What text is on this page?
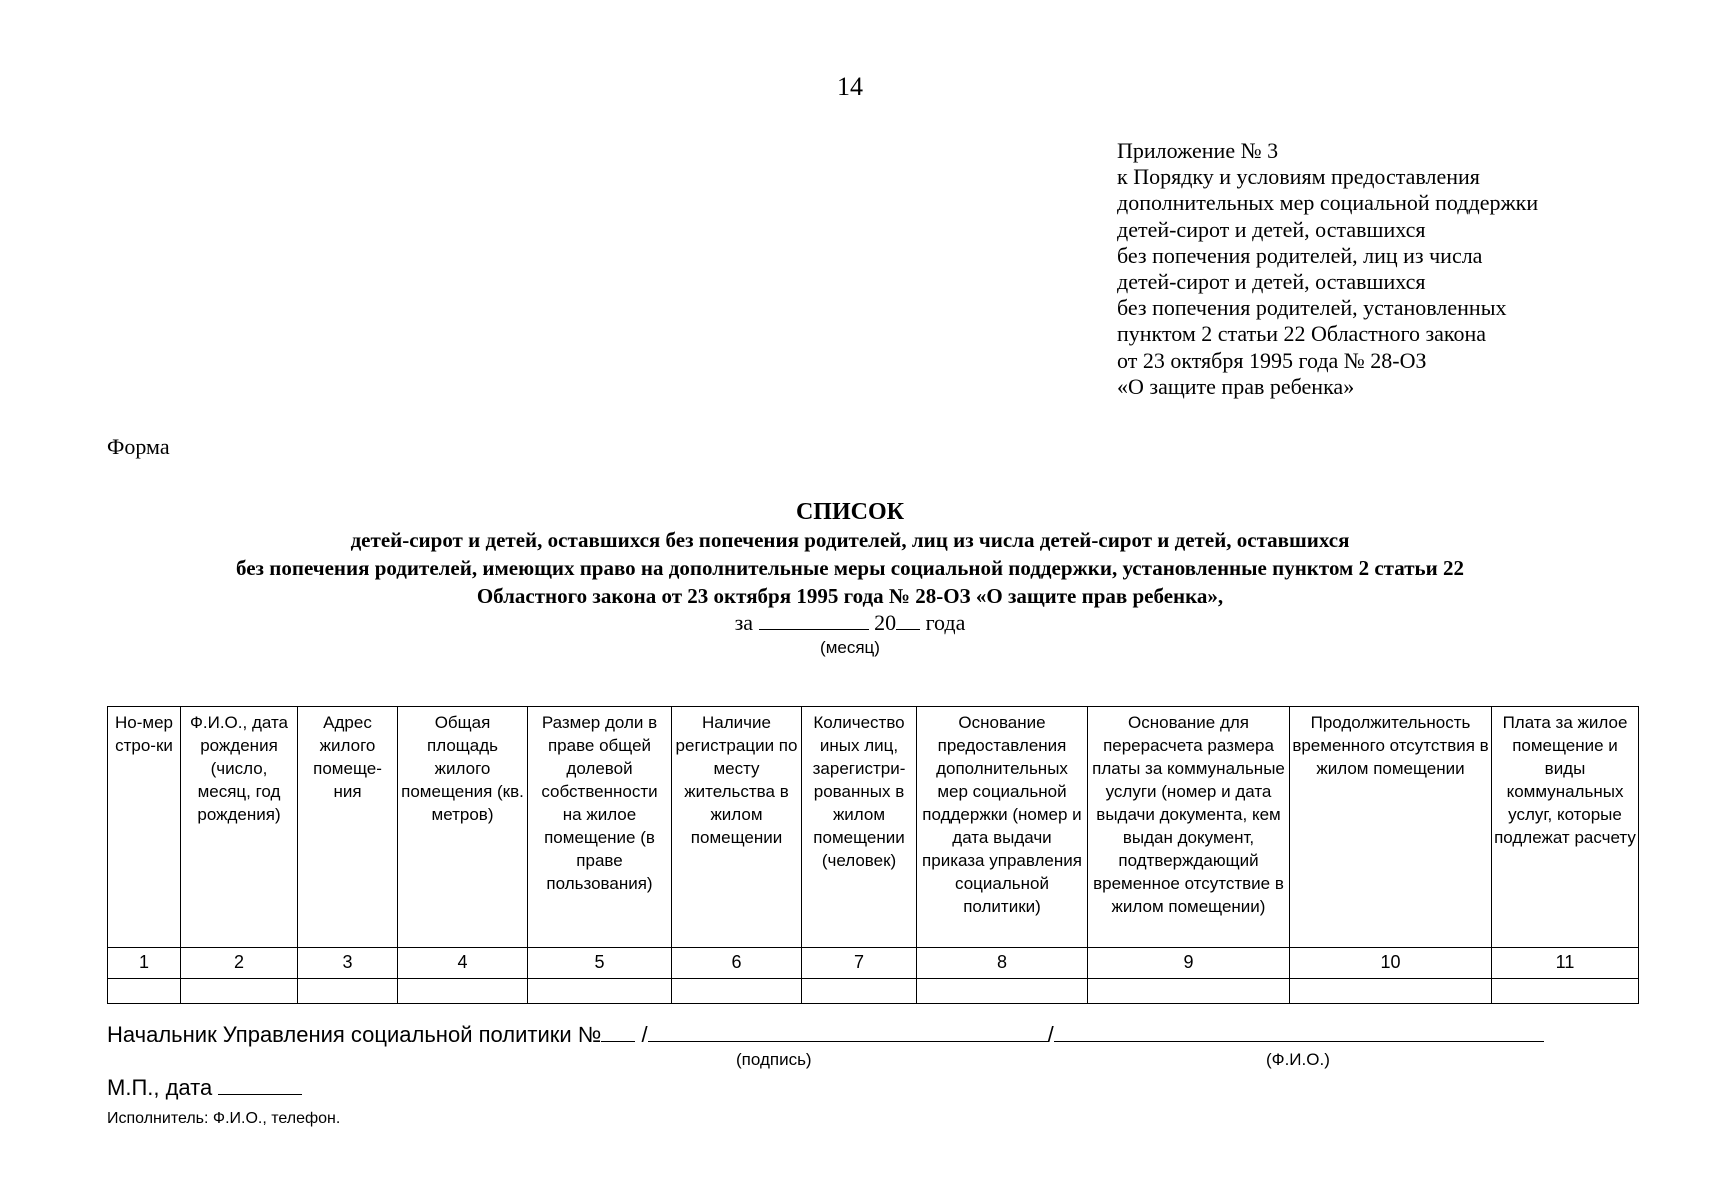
14
Приложение № 3
к Порядку и условиям предоставления
дополнительных мер социальной поддержки
детей-сирот и детей, оставшихся
без попечения родителей, лиц из числа
детей-сирот и детей, оставшихся
без попечения родителей, установленных
пунктом 2 статьи 22 Областного закона
от 23 октября 1995 года № 28-ОЗ
«О защите прав ребенка»
Форма
СПИСОК
детей-сирот и детей, оставшихся без попечения родителей, лиц из числа детей-сирот и детей, оставшихся
без попечения родителей, имеющих право на дополнительные меры социальной поддержки, установленные пунктом 2 статьи 22
Областного закона от 23 октября 1995 года № 28-ОЗ «О защите прав ребенка»,
за	20 года
(месяц)
Но-мер стро-ки	Ф.И.О., дата рождения (число, месяц, год рождения)	Адрес жилого помеще-ния	Общая площадь жилого помещения (кв. метров)	Размер доли в праве общей долевой собственности на жилое помещение (в праве пользования)	Наличие регистрации по месту жительства в жилом помещении	Количество иных лиц, зарегистри-рованных в жилом помещении (человек)	Основание предоставления дополнительных мер социальной поддержки (номер и дата выдачи приказа управления социальной политики)	Основание для перерасчета размера платы за коммунальные услуги (номер и дата выдачи документа, кем выдан документ, подтверждающий временное отсутствие в жилом помещении)	Продолжительность временного отсутствия в жилом помещении	Плата за жилое помещение и виды коммунальных услуг, которые подлежат расчету
1	2	3	4	5	6	7	8	9	10	11

Начальник Управления социальной политики № /	/
(подпись)	(Ф.И.О.)
М.П., дата
Исполнитель: Ф.И.О., телефон.
